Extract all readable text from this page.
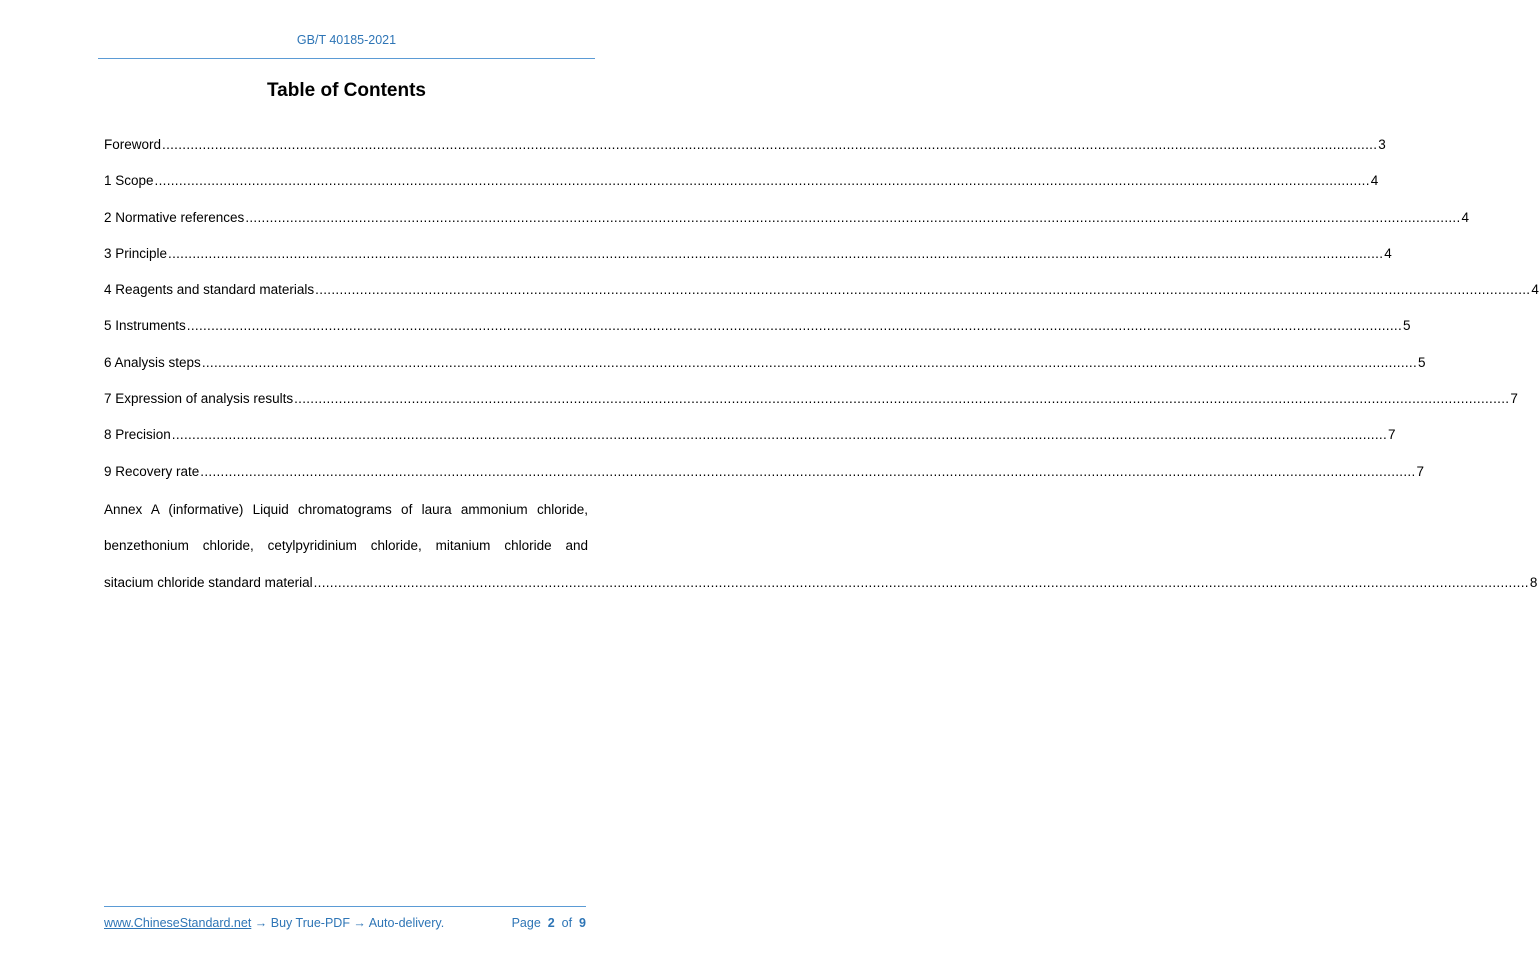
GB/T 40185-2021
Table of Contents
Foreword ............................................................................................................................................................................................................................................................................................................ 3
1 Scope ............................................................................................................................................................................................................................................................................................................ 4
2 Normative references ............................................................................................................................................................................................................................................................................................................ 4
3 Principle ............................................................................................................................................................................................................................................................................................................ 4
4 Reagents and standard materials ............................................................................................................................................................................................................................................................................................................ 4
5 Instruments ............................................................................................................................................................................................................................................................................................................ 5
6 Analysis steps ............................................................................................................................................................................................................................................................................................................ 5
7 Expression of analysis results ............................................................................................................................................................................................................................................................................................................ 7
8 Precision ............................................................................................................................................................................................................................................................................................................ 7
9 Recovery rate ............................................................................................................................................................................................................................................................................................................ 7
Annex A (informative) Liquid chromatograms of laura ammonium chloride,
benzethonium chloride, cetylpyridinium chloride, mitanium chloride and
sitacium chloride standard material ............................................................................................................................................................................................................................................................................................................ 8
www.ChineseStandard.net → Buy True-PDF → Auto-delivery.	Page 2 of 9
